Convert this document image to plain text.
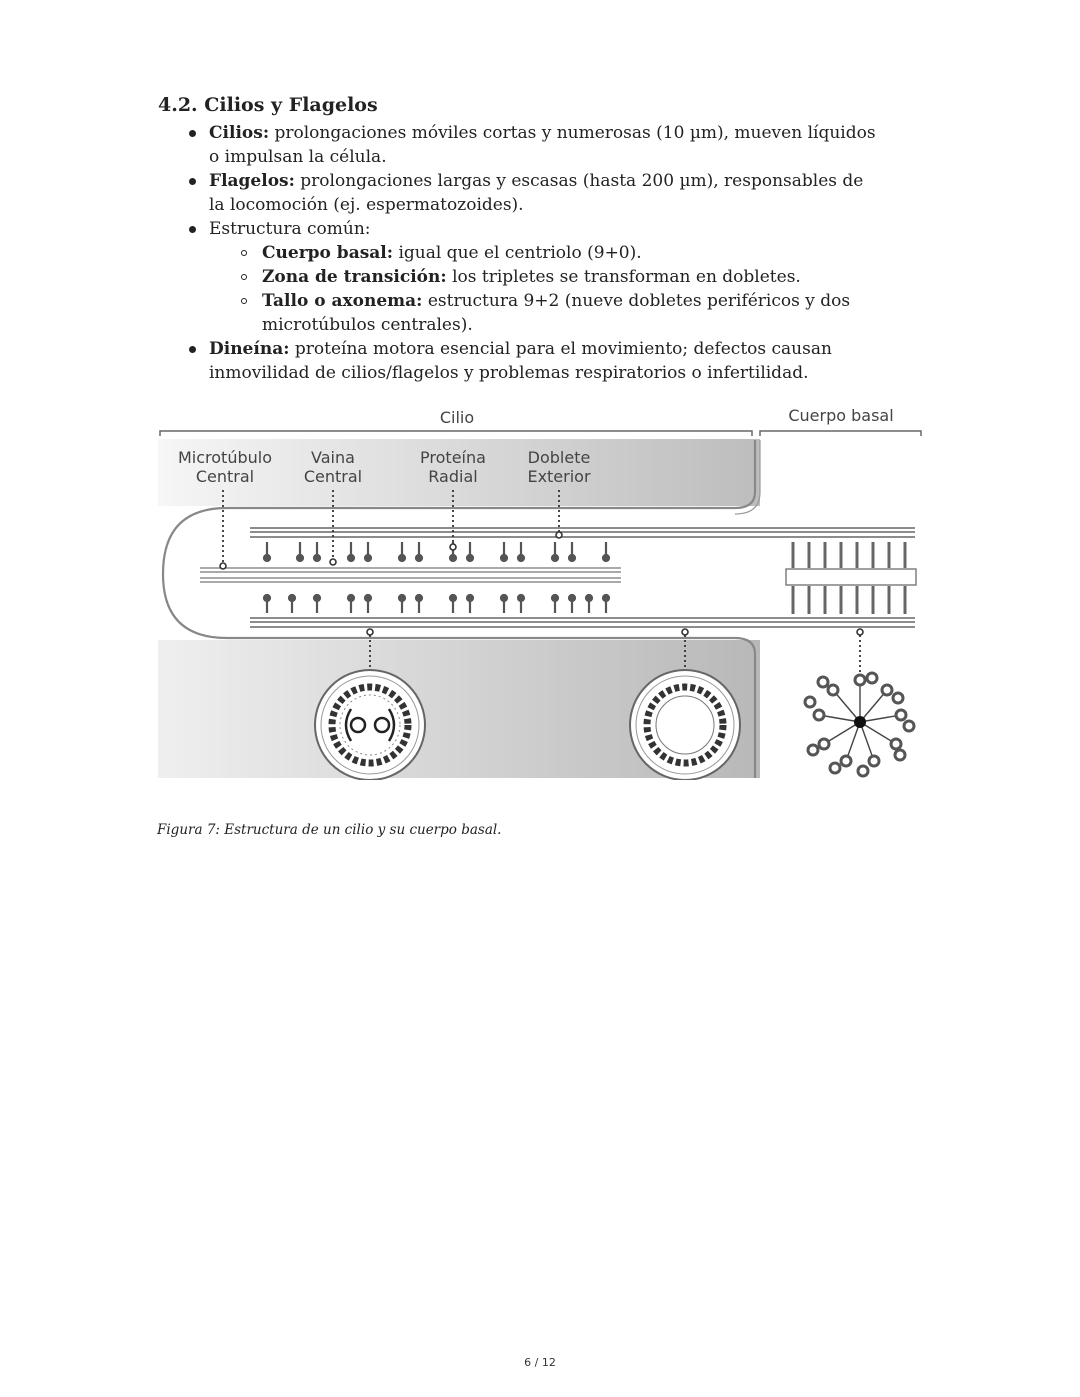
4.2. Cilios y Flagelos
Cilios: prolongaciones móviles cortas y numerosas (10 µm), mueven líquidos o impulsan la célula.
Flagelos: prolongaciones largas y escasas (hasta 200 µm), responsables de la locomoción (ej. espermatozoides).
Estructura común:
Cuerpo basal: igual que el centriolo (9+0).
Zona de transición: los tripletes se transforman en dobletes.
Tallo o axonema: estructura 9+2 (nueve dobletes periféricos y dos microtúbulos centrales).
Dineína: proteína motora esencial para el movimiento; defectos causan inmovilidad de cilios/flagelos y problemas respiratorios o infertilidad.
Cilio	Cuerpo basal
Microtúbulo
Central
Vaina
Central
Proteína
Radial
Doblete
Exterior

Figura 7: Estructura de un cilio y su cuerpo basal.

6 / 12
